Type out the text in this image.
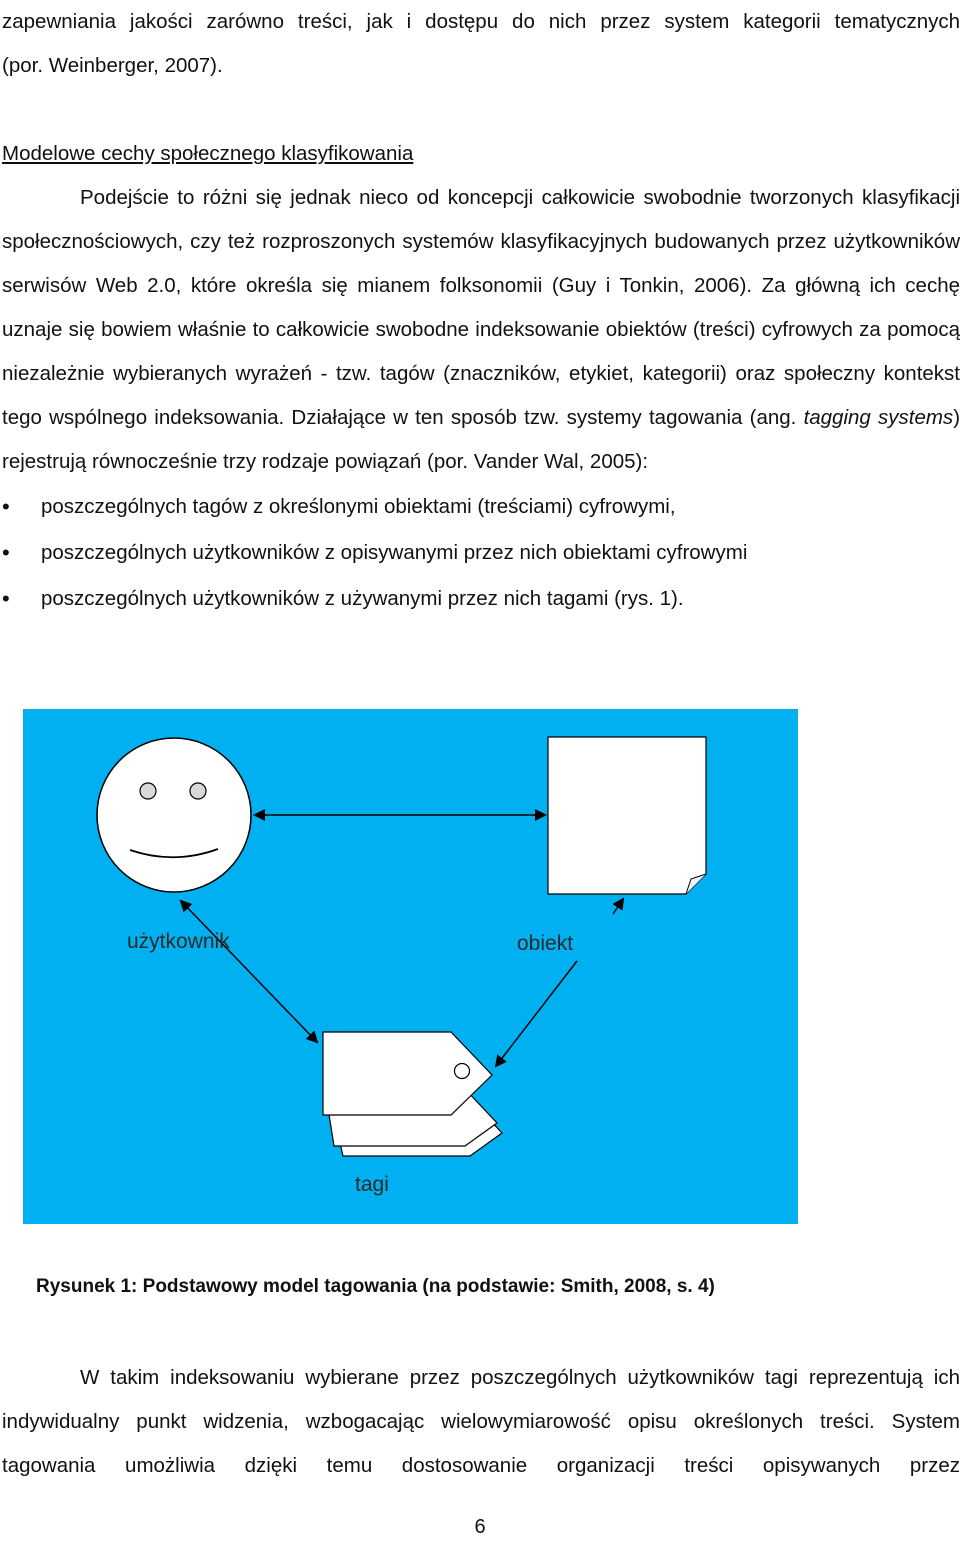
zapewniania jakości zarówno treści, jak i dostępu do nich przez system kategorii tematycznych

(por. Weinberger, 2007).

Modelowe cechy społecznego klasyfikowania

Podejście to różni się jednak nieco od koncepcji całkowicie swobodnie tworzonych klasyfikacji społecznościowych, czy też rozproszonych systemów klasyfikacyjnych budowanych przez użytkowników serwisów Web 2.0, które określa się mianem folksonomii (Guy i Tonkin, 2006). Za główną ich cechę uznaje się bowiem właśnie to całkowicie swobodne indeksowanie obiektów (treści) cyfrowych za pomocą niezależnie wybieranych wyrażeń - tzw. tagów (znaczników, etykiet, kategorii) oraz społeczny kontekst tego wspólnego indeksowania. Działające w ten sposób tzw. systemy tagowania (ang. tagging systems) rejestrują równocześnie trzy rodzaje powiązań (por. Vander Wal, 2005):

• poszczególnych tagów z określonymi obiektami (treściami) cyfrowymi,
• poszczególnych użytkowników z opisywanymi przez nich obiektami cyfrowymi
• poszczególnych użytkowników z używanymi przez nich tagami (rys. 1).
użytkownik	obiekt
tagi
Rysunek 1: Podstawowy model tagowania (na podstawie: Smith, 2008, s. 4)

W takim indeksowaniu wybierane przez poszczególnych użytkowników tagi reprezentują ich indywidualny punkt widzenia, wzbogacając wielowymiarowość opisu określonych treści. System tagowania umożliwia dzięki temu dostosowanie organizacji treści opisywanych przez

6
